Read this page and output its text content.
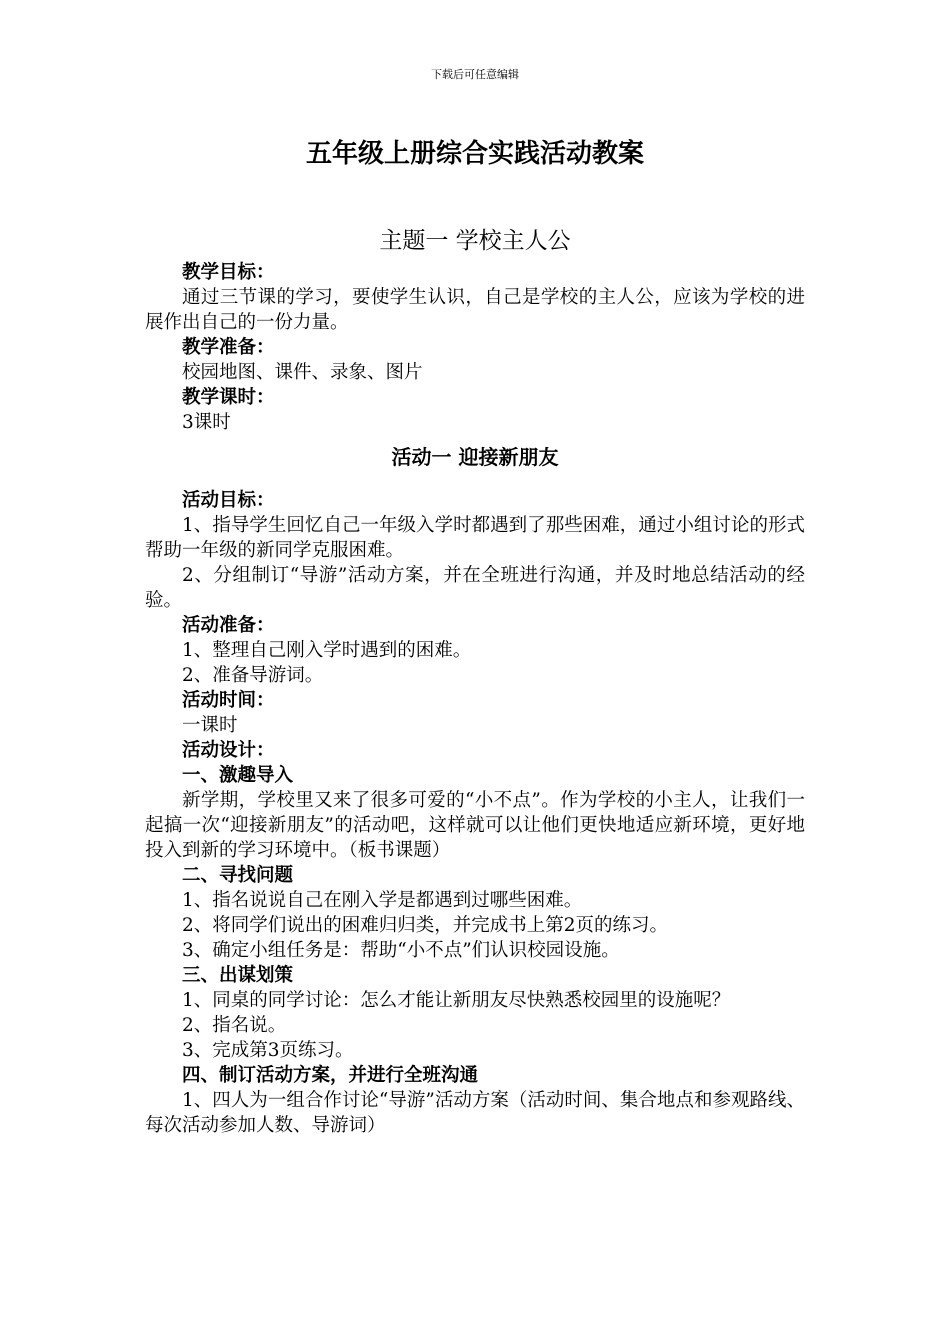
下载后可任意编辑
五年级上册综合实践活动教案
主题一 学校主人公

教学目标：

通过三节课的学习，要使学生认识，自己是学校的主人公，应该为学校的进展作出自己的一份力量。

教学准备：

校园地图、课件、录象、图片

教学课时：

3课时

活动一 迎接新朋友

活动目标：

1、指导学生回忆自己一年级入学时都遇到了那些困难，通过小组讨论的形式帮助一年级的新同学克服困难。

2、分组制订“导游”活动方案，并在全班进行沟通，并及时地总结活动的经验。

活动准备：

1、整理自己刚入学时遇到的困难。

2、准备导游词。

活动时间：

一课时

活动设计：

一、激趣导入

新学期，学校里又来了很多可爱的“小不点”。作为学校的小主人，让我们一起搞一次“迎接新朋友”的活动吧，这样就可以让他们更快地适应新环境，更好地投入到新的学习环境中。（板书课题）

二、寻找问题

1、指名说说自己在刚入学是都遇到过哪些困难。

2、将同学们说出的困难归归类，并完成书上第2页的练习。

3、确定小组任务是：帮助“小不点”们认识校园设施。

三、出谋划策

1、同桌的同学讨论：怎么才能让新朋友尽快熟悉校园里的设施呢？

2、指名说。

3、完成第3页练习。

四、制订活动方案，并进行全班沟通

1、四人为一组合作讨论“导游”活动方案（活动时间、集合地点和参观路线、每次活动参加人数、导游词）
